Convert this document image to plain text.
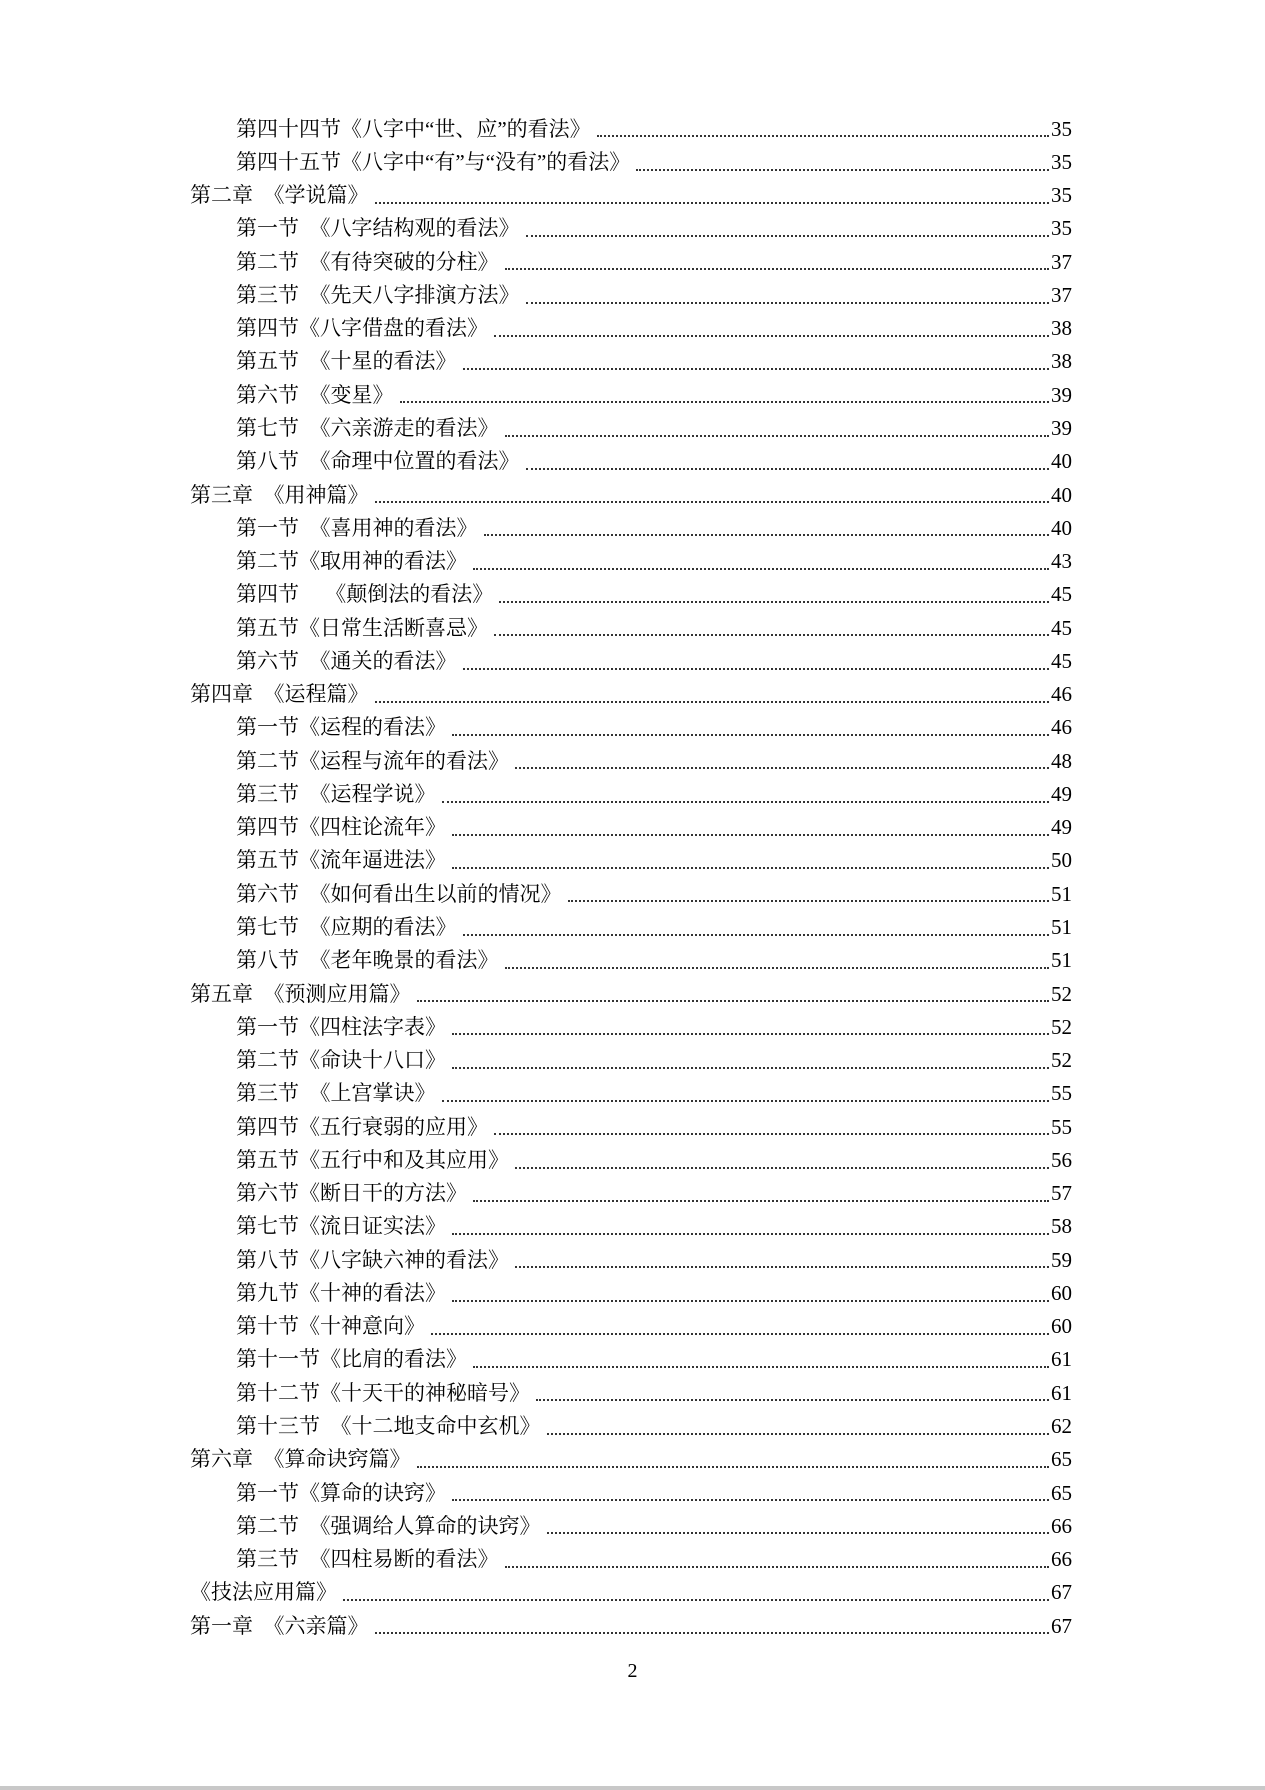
第四十四节《八字中“世、应”的看法》	35
第四十五节《八字中“有”与“没有”的看法》	35
第二章　《学说篇》	35
第一节　《八字结构观的看法》	35
第二节　《有待突破的分柱》	37
第三节　《先天八字排演方法》	37
第四节《八字借盘的看法》	38
第五节　《十星的看法》	38
第六节　《变星》	39
第七节　《六亲游走的看法》	39
第八节　《命理中位置的看法》	40
第三章　《用神篇》	40
第一节　《喜用神的看法》	40
第二节《取用神的看法》	43
第四节　 《颠倒法的看法》	45
第五节《日常生活断喜忌》	45
第六节　《通关的看法》	45
第四章　《运程篇》	46
第一节《运程的看法》	46
第二节《运程与流年的看法》	48
第三节　《运程学说》	49
第四节《四柱论流年》	49
第五节《流年逼进法》	50
第六节　《如何看出生以前的情况》	51
第七节　《应期的看法》	51
第八节　《老年晚景的看法》	51
第五章　《预测应用篇》	52
第一节《四柱法字表》	52
第二节《命诀十八口》	52
第三节　《上宫掌诀》	55
第四节《五行衰弱的应用》	55
第五节《五行中和及其应用》	56
第六节《断日干的方法》	57
第七节《流日证实法》	58
第八节《八字缺六神的看法》	59
第九节《十神的看法》	60
第十节《十神意向》	60
第十一节《比肩的看法》	61
第十二节《十天干的神秘暗号》	61
第十三节　《十二地支命中玄机》	62
第六章　《算命诀窍篇》	65
第一节《算命的诀窍》	65
第二节　《强调给人算命的诀窍》	66
第三节　《四柱易断的看法》	66
《技法应用篇》	67
第一章　《六亲篇》	67
2
